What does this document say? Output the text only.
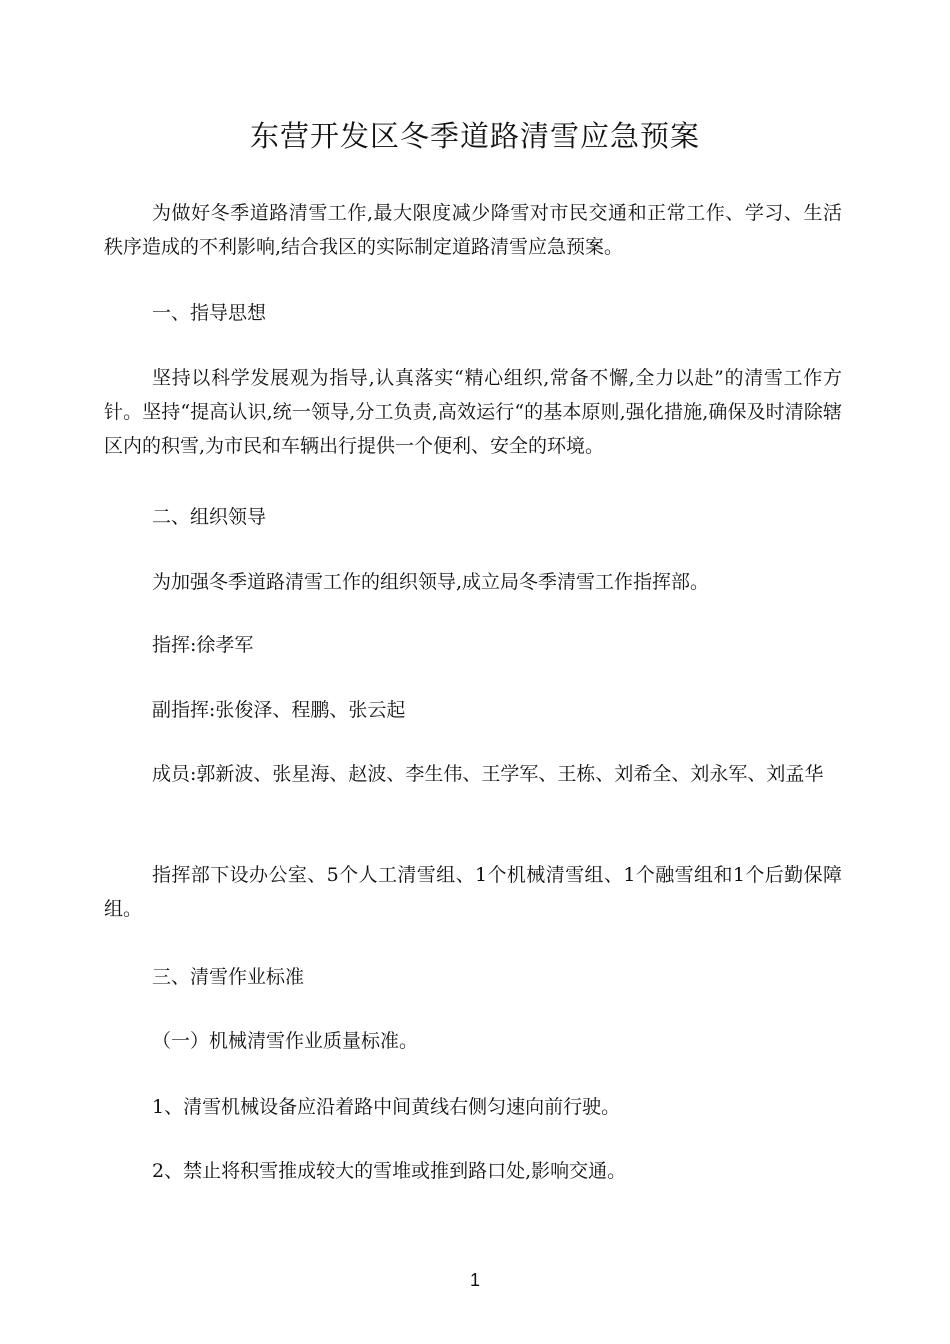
东营开发区冬季道路清雪应急预案

为做好冬季道路清雪工作,最大限度减少降雪对市民交通和正常工作、学习、生活秩序造成的不利影响,结合我区的实际制定道路清雪应急预案。

一、指导思想

坚持以科学发展观为指导,认真落实“精心组织,常备不懈,全力以赴”的清雪工作方针。坚持“提高认识,统一领导,分工负责,高效运行“的基本原则,强化措施,确保及时清除辖区内的积雪,为市民和车辆出行提供一个便利、安全的环境。

二、组织领导

为加强冬季道路清雪工作的组织领导,成立局冬季清雪工作指挥部。

指挥:徐孝军

副指挥:张俊泽、程鹏、张云起

成员:郭新波、张星海、赵波、李生伟、王学军、王栋、刘希全、刘永军、刘孟华

指挥部下设办公室、5个人工清雪组、1个机械清雪组、1个融雪组和1个后勤保障组。

三、清雪作业标准

（一）机械清雪作业质量标准。

1、清雪机械设备应沿着路中间黄线右侧匀速向前行驶。

2、禁止将积雪推成较大的雪堆或推到路口处,影响交通。

1
